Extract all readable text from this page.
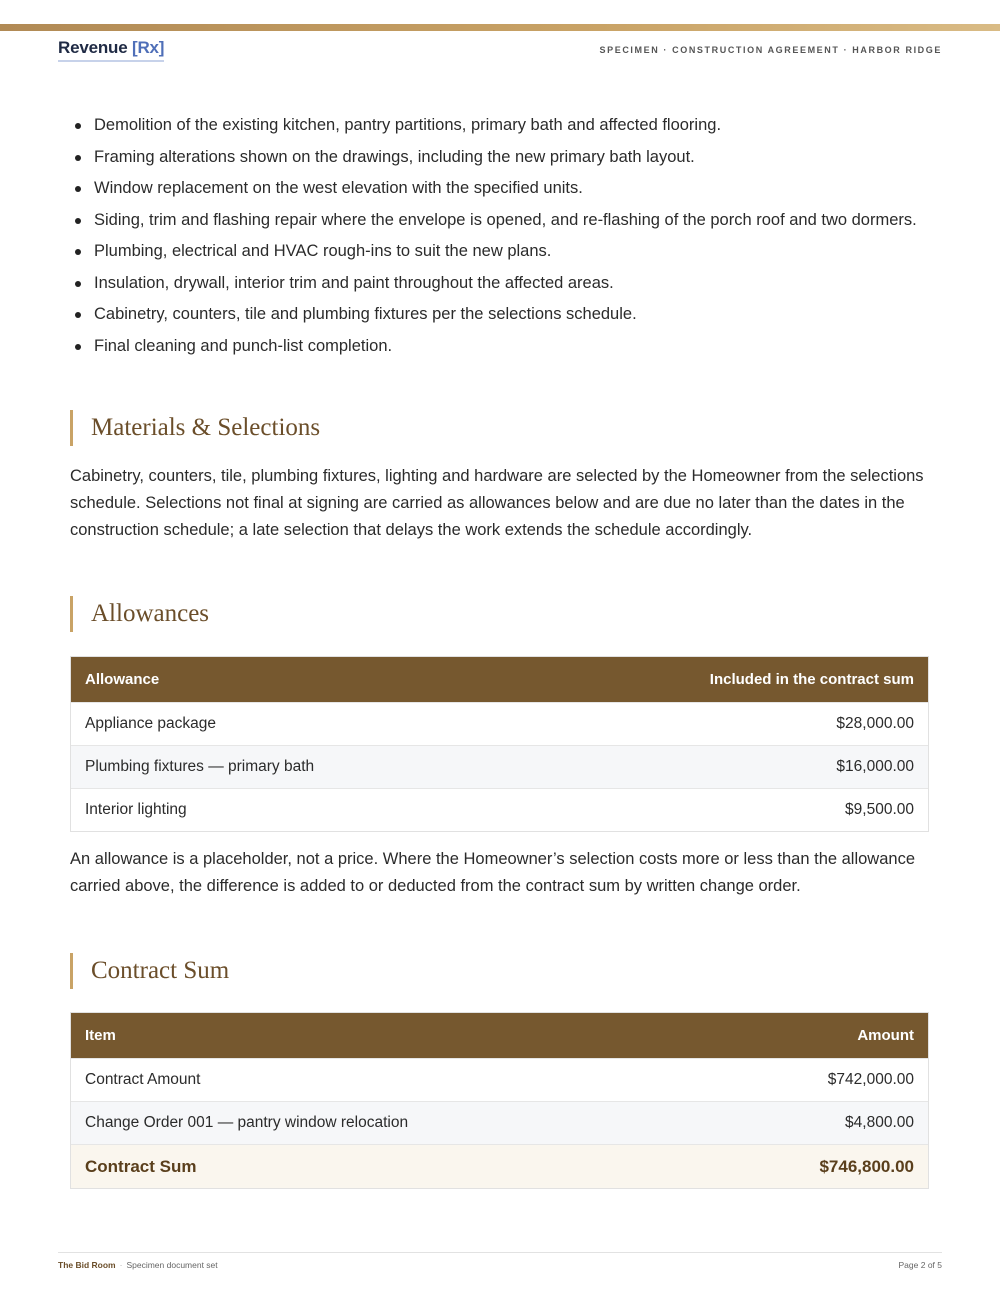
Revenue [Rx]	SPECIMEN · CONSTRUCTION AGREEMENT · HARBOR RIDGE
Demolition of the existing kitchen, pantry partitions, primary bath and affected flooring.
Framing alterations shown on the drawings, including the new primary bath layout.
Window replacement on the west elevation with the specified units.
Siding, trim and flashing repair where the envelope is opened, and re-flashing of the porch roof and two dormers.
Plumbing, electrical and HVAC rough-ins to suit the new plans.
Insulation, drywall, interior trim and paint throughout the affected areas.
Cabinetry, counters, tile and plumbing fixtures per the selections schedule.
Final cleaning and punch-list completion.
Materials & Selections
Cabinetry, counters, tile, plumbing fixtures, lighting and hardware are selected by the Homeowner from the selections schedule. Selections not final at signing are carried as allowances below and are due no later than the dates in the construction schedule; a late selection that delays the work extends the schedule accordingly.
Allowances
Allowance	Included in the contract sum
Appliance package	$28,000.00
Plumbing fixtures — primary bath	$16,000.00
Interior lighting	$9,500.00
An allowance is a placeholder, not a price. Where the Homeowner’s selection costs more or less than the allowance carried above, the difference is added to or deducted from the contract sum by written change order.
Contract Sum
Item	Amount
Contract Amount	$742,000.00
Change Order 001 — pantry window relocation	$4,800.00
Contract Sum	$746,800.00
The Bid Room · Specimen document set	Page 2 of 5
